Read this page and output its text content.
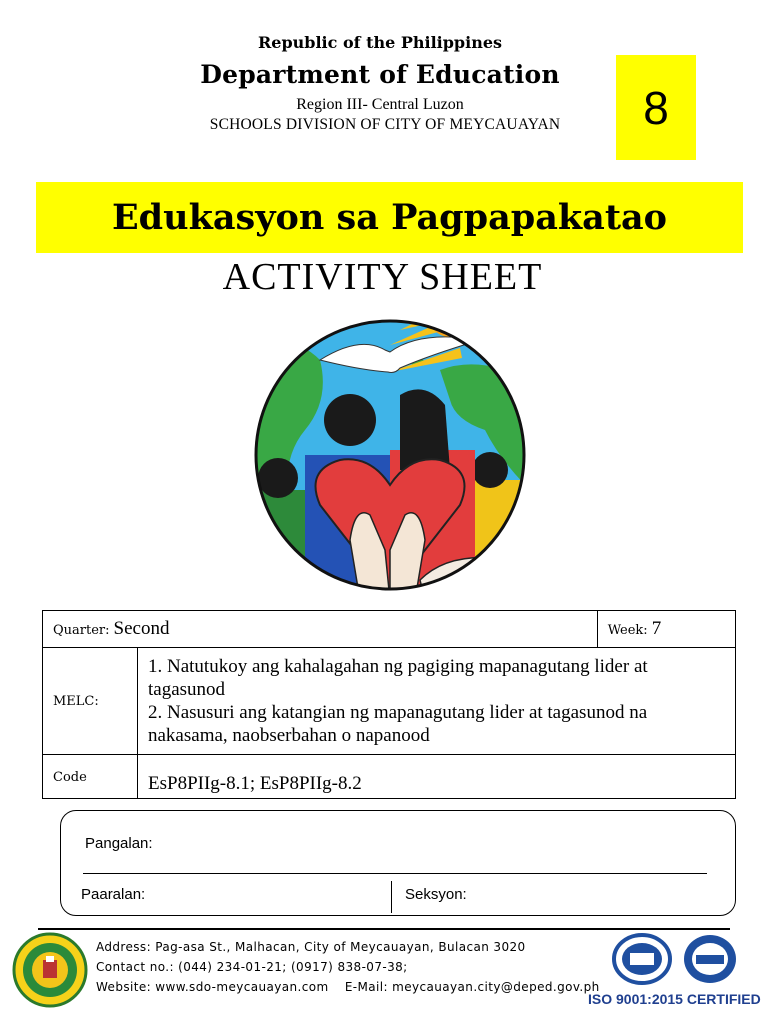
Republic of the Philippines
Department of Education
Region III- Central Luzon
SCHOOLS DIVISION OF CITY OF MEYCAUAYAN	8
Edukasyon sa Pagpapakatao
ACTIVITY SHEET
Quarter: Second		Week: 7
MELC:	1. Natutukoy ang kahalagahan ng pagiging mapanagutang lider at tagasunod
2. Nasusuri ang katangian ng mapanagutang lider at tagasunod na nakasama, naobserbahan o napanood	

Code	EsP8PIIg-8.1; EsP8PIIg-8.2	
Pangalan:
Paaralan:	Seksyon:
Address: Pag-asa St., Malhacan, City of Meycauayan, Bulacan 3020
Contact no.: (044) 234-01-21; (0917) 838-07-38;
Website: www.sdo-meycauayan.com E-Mail: meycauayan.city@deped.gov.ph
ISO 9001:2015 CERTIFIED
